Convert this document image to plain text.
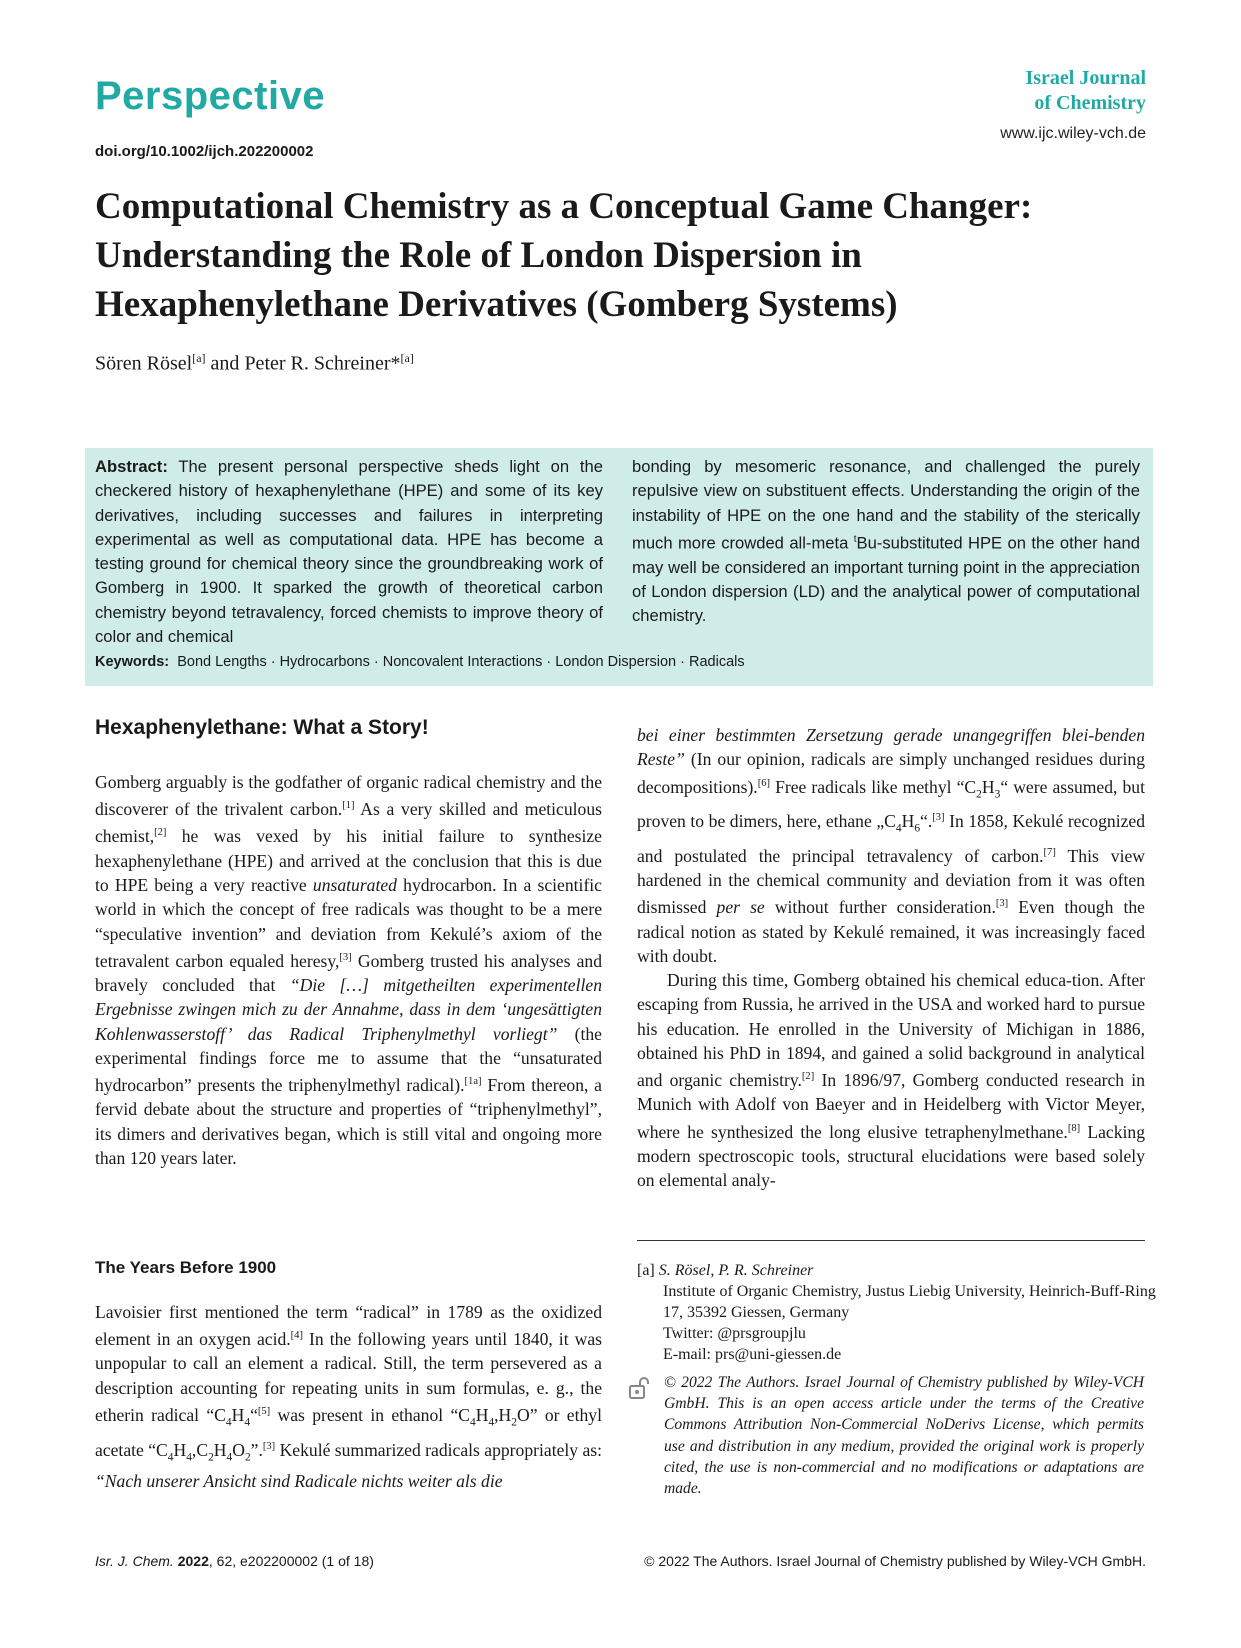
Perspective
doi.org/10.1002/ijch.202200002
Israel Journal
of Chemistry
www.ijc.wiley-vch.de
Computational Chemistry as a Conceptual Game Changer: Understanding the Role of London Dispersion in Hexaphenylethane Derivatives (Gomberg Systems)
Sören Rösel[a] and Peter R. Schreiner*[a]
Abstract: The present personal perspective sheds light on the checkered history of hexaphenylethane (HPE) and some of its key derivatives, including successes and failures in interpreting experimental as well as computational data. HPE has become a testing ground for chemical theory since the groundbreaking work of Gomberg in 1900. It sparked the growth of theoretical carbon chemistry beyond tetravalency, forced chemists to improve theory of color and chemical
bonding by mesomeric resonance, and challenged the purely repulsive view on substituent effects. Understanding the origin of the instability of HPE on the one hand and the stability of the sterically much more crowded all-meta $^t$Bu-substituted HPE on the other hand may well be considered an important turning point in the appreciation of London dispersion (LD) and the analytical power of computational chemistry.
Keywords: Bond Lengths · Hydrocarbons · Noncovalent Interactions · London Dispersion · Radicals
Hexaphenylethane: What a Story!

Gomberg arguably is the godfather of organic radical chemistry and the discoverer of the trivalent carbon.[1] As a very skilled and meticulous chemist,[2] he was vexed by his initial failure to synthesize hexaphenylethane (HPE) and arrived at the conclusion that this is due to HPE being a very reactive unsaturated hydrocarbon. In a scientific world in which the concept of free radicals was thought to be a mere “speculative invention” and deviation from Kekulé’s axiom of the tetravalent carbon equaled heresy,[3] Gomberg trusted his analyses and bravely concluded that “Die […] mitgetheilten experimentellen Ergebnisse zwingen mich zu der Annahme, dass in dem ‘ungesättigten Kohlenwasserstoff’ das Radical Triphenylmethyl vorliegt” (the experimental findings force me to assume that the “unsaturated hydrocarbon” presents the triphenylmethyl radical).[1a] From thereon, a fervid debate about the structure and properties of “triphenylmethyl”, its dimers and derivatives began, which is still vital and ongoing more than 120 years later.

The Years Before 1900

Lavoisier first mentioned the term “radical” in 1789 as the oxidized element in an oxygen acid.[4] In the following years until 1840, it was unpopular to call an element a radical. Still, the term persevered as a description accounting for repeating units in sum formulas, e. g., the etherin radical “$C_4H_4“[5]$ was present in ethanol “$C_4H_4,H_2O$” or ethyl acetate “$C_4H_4,C_2H_4O_2”.[3]$ Kekulé summarized radicals appropriately as: “Nach unserer Ansicht sind Radicale nichts weiter als die

bei einer bestimmten Zersetzung gerade unangegriffen blei-benden Reste” (In our opinion, radicals are simply unchanged residues during decompositions).[6] Free radicals like methyl “$C_2H_3“$ were assumed, but proven to be dimers, here, ethane $„C_4H_6“.[3]$ In 1858, Kekulé recognized and postulated the principal tetravalency of carbon.[7] This view hardened in the chemical community and deviation from it was often dismissed per se without further consideration.[3] Even though the radical notion as stated by Kekulé remained, it was increasingly faced with doubt.

During this time, Gomberg obtained his chemical educa-tion. After escaping from Russia, he arrived in the USA and worked hard to pursue his education. He enrolled in the University of Michigan in 1886, obtained his PhD in 1894, and gained a solid background in analytical and organic chemistry.[2] In 1896/97, Gomberg conducted research in Munich with Adolf von Baeyer and in Heidelberg with Victor Meyer, where he synthesized the long elusive tetraphenylmethane.[8] Lacking modern spectroscopic tools, structural elucidations were based solely on elemental analy-

[a] S. Rösel, P. R. Schreiner
Institute of Organic Chemistry, Justus Liebig University, Heinrich-Buff-Ring 17, 35392 Giessen, Germany
Twitter: @prsgroupjlu
E-mail: prs@uni-giessen.de
© 2022 The Authors. Israel Journal of Chemistry published by Wiley-VCH GmbH. This is an open access article under the terms of the Creative Commons Attribution Non-Commercial NoDerivs License, which permits use and distribution in any medium, provided the original work is properly cited, the use is non-commercial and no modifications or adaptations are made.
Isr. J. Chem. 2022, 62, e202200002 (1 of 18)	© 2022 The Authors. Israel Journal of Chemistry published by Wiley-VCH GmbH.
